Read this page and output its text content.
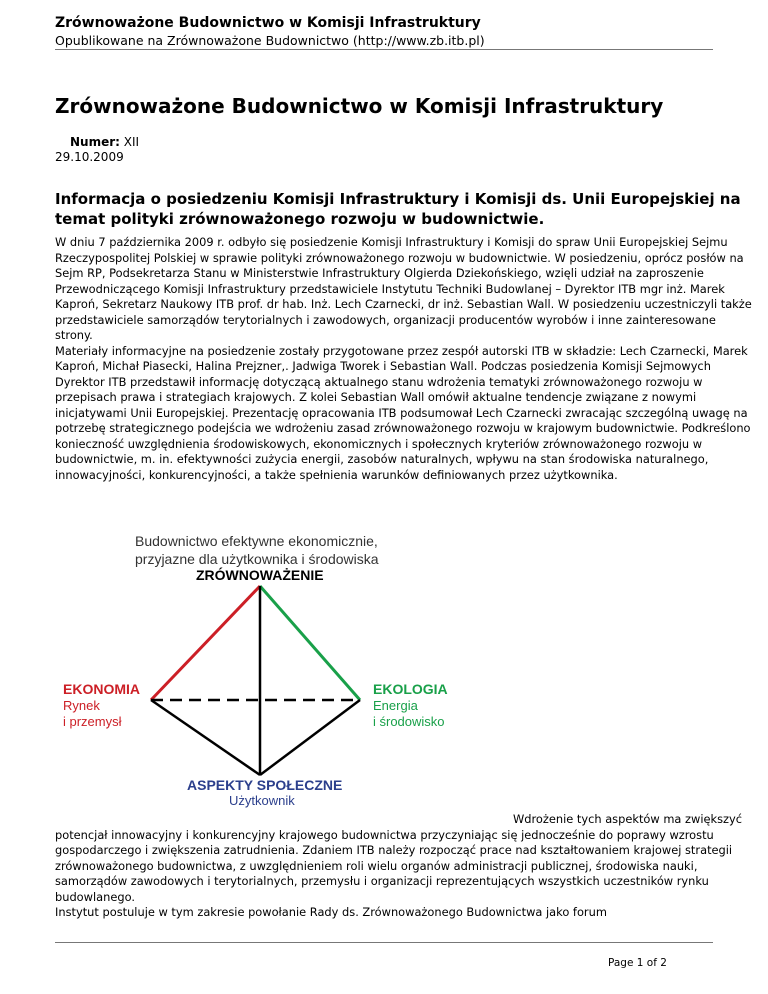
Zrównoważone Budownictwo w Komisji Infrastruktury
Opublikowane na Zrównoważone Budownictwo (http://www.zb.itb.pl)
Zrównoważone Budownictwo w Komisji Infrastruktury
Numer: XII
29.10.2009
Informacja o posiedzeniu Komisji Infrastruktury i Komisji ds. Unii Europejskiej na temat polityki zrównoważonego rozwoju w budownictwie.

W dniu 7 października 2009 r. odbyło się posiedzenie Komisji Infrastruktury i Komisji do spraw Unii Europejskiej Sejmu Rzeczypospolitej Polskiej w sprawie polityki zrównoważonego rozwoju w budownictwie. W posiedzeniu, oprócz posłów na Sejm RP, Podsekretarza Stanu w Ministerstwie Infrastruktury Olgierda Dziekońskiego, wzięli udział na zaproszenie Przewodniczącego Komisji Infrastruktury przedstawiciele Instytutu Techniki Budowlanej – Dyrektor ITB mgr inż. Marek Kaproń, Sekretarz Naukowy ITB prof. dr hab. Inż. Lech Czarnecki, dr inż. Sebastian Wall. W posiedzeniu uczestniczyli także przedstawiciele samorządów terytorialnych i zawodowych, organizacji producentów wyrobów i inne zainteresowane strony.

Materiały informacyjne na posiedzenie zostały przygotowane przez zespół autorski ITB w składzie: Lech Czarnecki, Marek Kaproń, Michał Piasecki, Halina Prejzner,. Jadwiga Tworek i Sebastian Wall. Podczas posiedzenia Komisji Sejmowych Dyrektor ITB przedstawił informację dotyczącą aktualnego stanu wdrożenia tematyki zrównoważonego rozwoju w przepisach prawa i strategiach krajowych. Z kolei Sebastian Wall omówił aktualne tendencje związane z nowymi inicjatywami Unii Europejskiej. Prezentację opracowania ITB podsumował Lech Czarnecki zwracając szczególną uwagę na potrzebę strategicznego podejścia we wdrożeniu zasad zrównoważonego rozwoju w krajowym budownictwie. Podkreślono konieczność uwzględnienia środowiskowych, ekonomicznych i społecznych kryteriów zrównoważonego rozwoju w budownictwie, m. in. efektywności zużycia energii, zasobów naturalnych, wpływu na stan środowiska naturalnego, innowacyjności, konkurencyjności, a także spełnienia warunków definiowanych przez użytkownika.

Budownictwo efektywne ekonomicznie,
przyjazne dla użytkownika i środowiska
ZRÓWNOWAŻENIE
EKONOMIA
Rynek
i przemysł
EKOLOGIA
Energia
i środowisko
ASPEKTY SPOŁECZNE
Użytkownik

Wdrożenie tych aspektów ma zwiększyć potencjał innowacyjny i konkurencyjny krajowego budownictwa przyczyniając się jednocześnie do poprawy wzrostu gospodarczego i zwiększenia zatrudnienia. Zdaniem ITB należy rozpocząć prace nad kształtowaniem krajowej strategii zrównoważonego budownictwa, z uwzględnieniem roli wielu organów administracji publicznej, środowiska nauki, samorządów zawodowych i terytorialnych, przemysłu i organizacji reprezentujących wszystkich uczestników rynku budowlanego.

Instytut postuluje w tym zakresie powołanie Rady ds. Zrównoważonego Budownictwa jako forum

Page 1 of 2
